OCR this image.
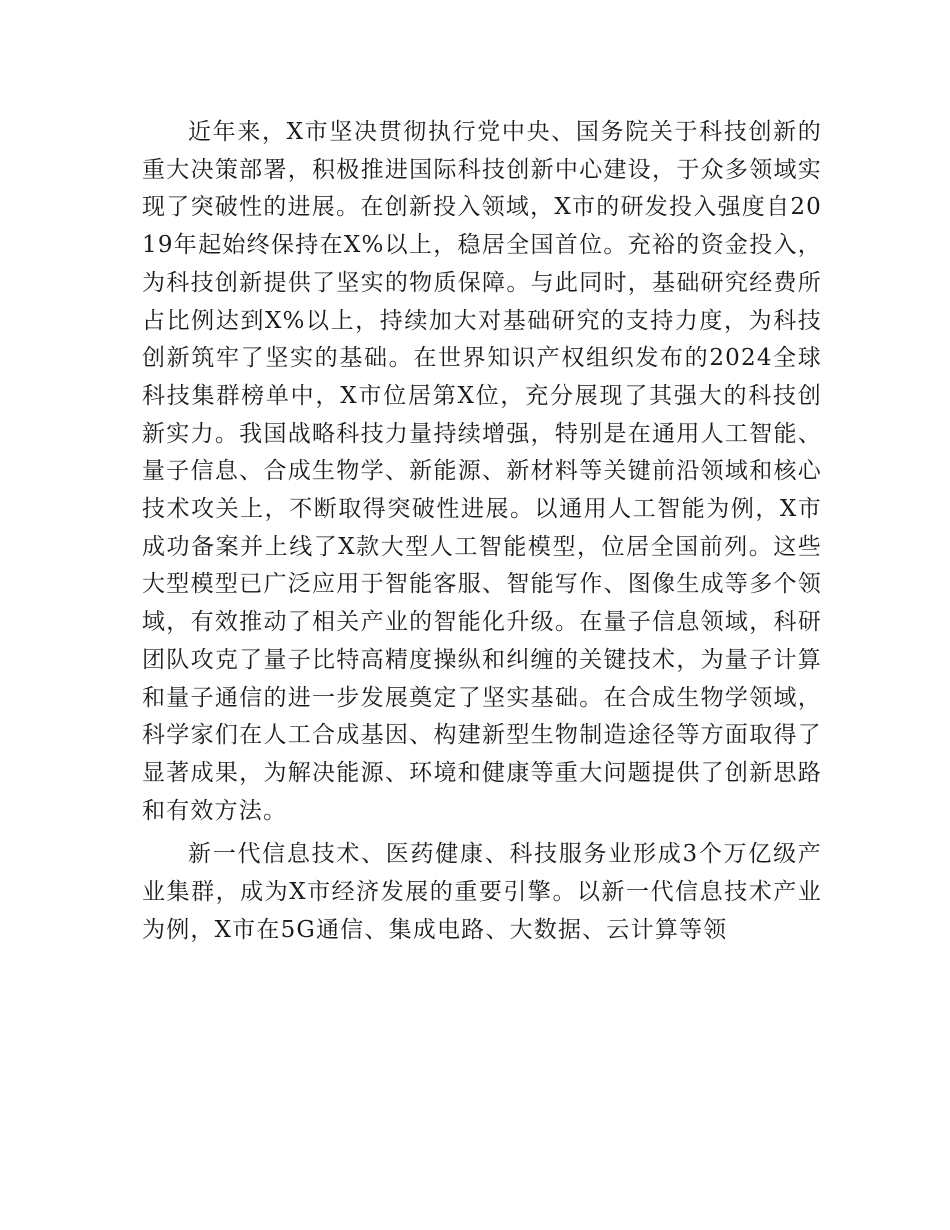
近年来，X市坚决贯彻执行党中央、国务院关于科技创新的重大决策部署，积极推进国际科技创新中心建设，于众多领域实现了突破性的进展。在创新投入领域，X市的研发投入强度自2019年起始终保持在X%以上，稳居全国首位。充裕的资金投入，为科技创新提供了坚实的物质保障。与此同时，基础研究经费所占比例达到X%以上，持续加大对基础研究的支持力度，为科技创新筑牢了坚实的基础。在世界知识产权组织发布的2024全球科技集群榜单中，X市位居第X位，充分展现了其强大的科技创新实力。我国战略科技力量持续增强，特别是在通用人工智能、量子信息、合成生物学、新能源、新材料等关键前沿领域和核心技术攻关上，不断取得突破性进展。以通用人工智能为例，X市成功备案并上线了X款大型人工智能模型，位居全国前列。这些大型模型已广泛应用于智能客服、智能写作、图像生成等多个领域，有效推动了相关产业的智能化升级。在量子信息领域，科研团队攻克了量子比特高精度操纵和纠缠的关键技术，为量子计算和量子通信的进一步发展奠定了坚实基础。在合成生物学领域，科学家们在人工合成基因、构建新型生物制造途径等方面取得了显著成果，为解决能源、环境和健康等重大问题提供了创新思路和有效方法。

新一代信息技术、医药健康、科技服务业形成3个万亿级产业集群，成为X市经济发展的重要引擎。以新一代信息技术产业为例，X市在5G通信、集成电路、大数据、云计算等领
